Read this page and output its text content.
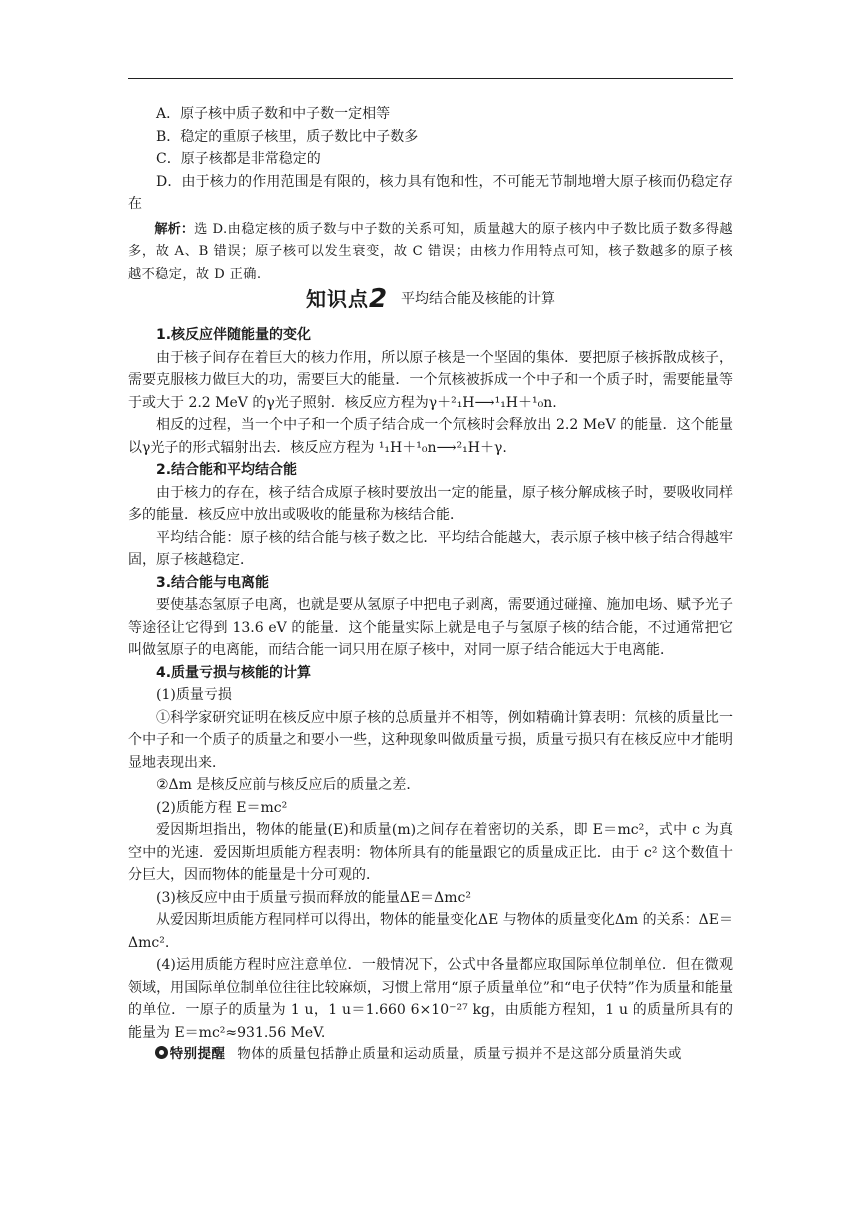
A．原子核中质子数和中子数一定相等

B．稳定的重原子核里，质子数比中子数多

C．原子核都是非常稳定的

D．由于核力的作用范围是有限的，核力具有饱和性，不可能无节制地增大原子核而仍稳定存在

解析：选 D.由稳定核的质子数与中子数的关系可知，质量越大的原子核内中子数比质子数多得越多，故 A、B 错误；原子核可以发生衰变，故 C 错误；由核力作用特点可知，核子数越多的原子核越不稳定，故 D 正确.

知识点2 平均结合能及核能的计算

1.核反应伴随能量的变化

由于核子间存在着巨大的核力作用，所以原子核是一个坚固的集体．要把原子核拆散成核子，需要克服核力做巨大的功，需要巨大的能量．一个氘核被拆成一个中子和一个质子时，需要能量等于或大于 2.2 MeV 的γ光子照射．核反应方程为γ＋²₁H⟶¹₁H＋¹₀n.

相反的过程，当一个中子和一个质子结合成一个氘核时会释放出 2.2 MeV 的能量．这个能量以γ光子的形式辐射出去．核反应方程为 ¹₁H＋¹₀n⟶²₁H＋γ.

2.结合能和平均结合能

由于核力的存在，核子结合成原子核时要放出一定的能量，原子核分解成核子时，要吸收同样多的能量．核反应中放出或吸收的能量称为核结合能．

平均结合能：原子核的结合能与核子数之比．平均结合能越大，表示原子核中核子结合得越牢固，原子核越稳定．

3.结合能与电离能

要使基态氢原子电离，也就是要从氢原子中把电子剥离，需要通过碰撞、施加电场、赋予光子等途径让它得到 13.6 eV 的能量．这个能量实际上就是电子与氢原子核的结合能，不过通常把它叫做氢原子的电离能，而结合能一词只用在原子核中，对同一原子结合能远大于电离能．

4.质量亏损与核能的计算

(1)质量亏损

①科学家研究证明在核反应中原子核的总质量并不相等，例如精确计算表明：氘核的质量比一个中子和一个质子的质量之和要小一些，这种现象叫做质量亏损，质量亏损只有在核反应中才能明显地表现出来．

②Δm 是核反应前与核反应后的质量之差．

(2)质能方程 E＝mc²

爱因斯坦指出，物体的能量(E)和质量(m)之间存在着密切的关系，即 E＝mc²，式中 c 为真空中的光速．爱因斯坦质能方程表明：物体所具有的能量跟它的质量成正比．由于 c² 这个数值十分巨大，因而物体的能量是十分可观的．

(3)核反应中由于质量亏损而释放的能量ΔE＝Δmc²

从爱因斯坦质能方程同样可以得出，物体的能量变化ΔE 与物体的质量变化Δm 的关系：ΔE＝Δmc².

(4)运用质能方程时应注意单位．一般情况下，公式中各量都应取国际单位制单位．但在微观领域，用国际单位制单位往往比较麻烦，习惯上常用“原子质量单位”和“电子伏特”作为质量和能量的单位．一原子的质量为 1 u，1 u＝1.660 6×10⁻²⁷ kg，由质能方程知，1 u 的质量所具有的能量为 E＝mc²≈931.56 MeV.

特别提醒 物体的质量包括静止质量和运动质量，质量亏损并不是这部分质量消失或
